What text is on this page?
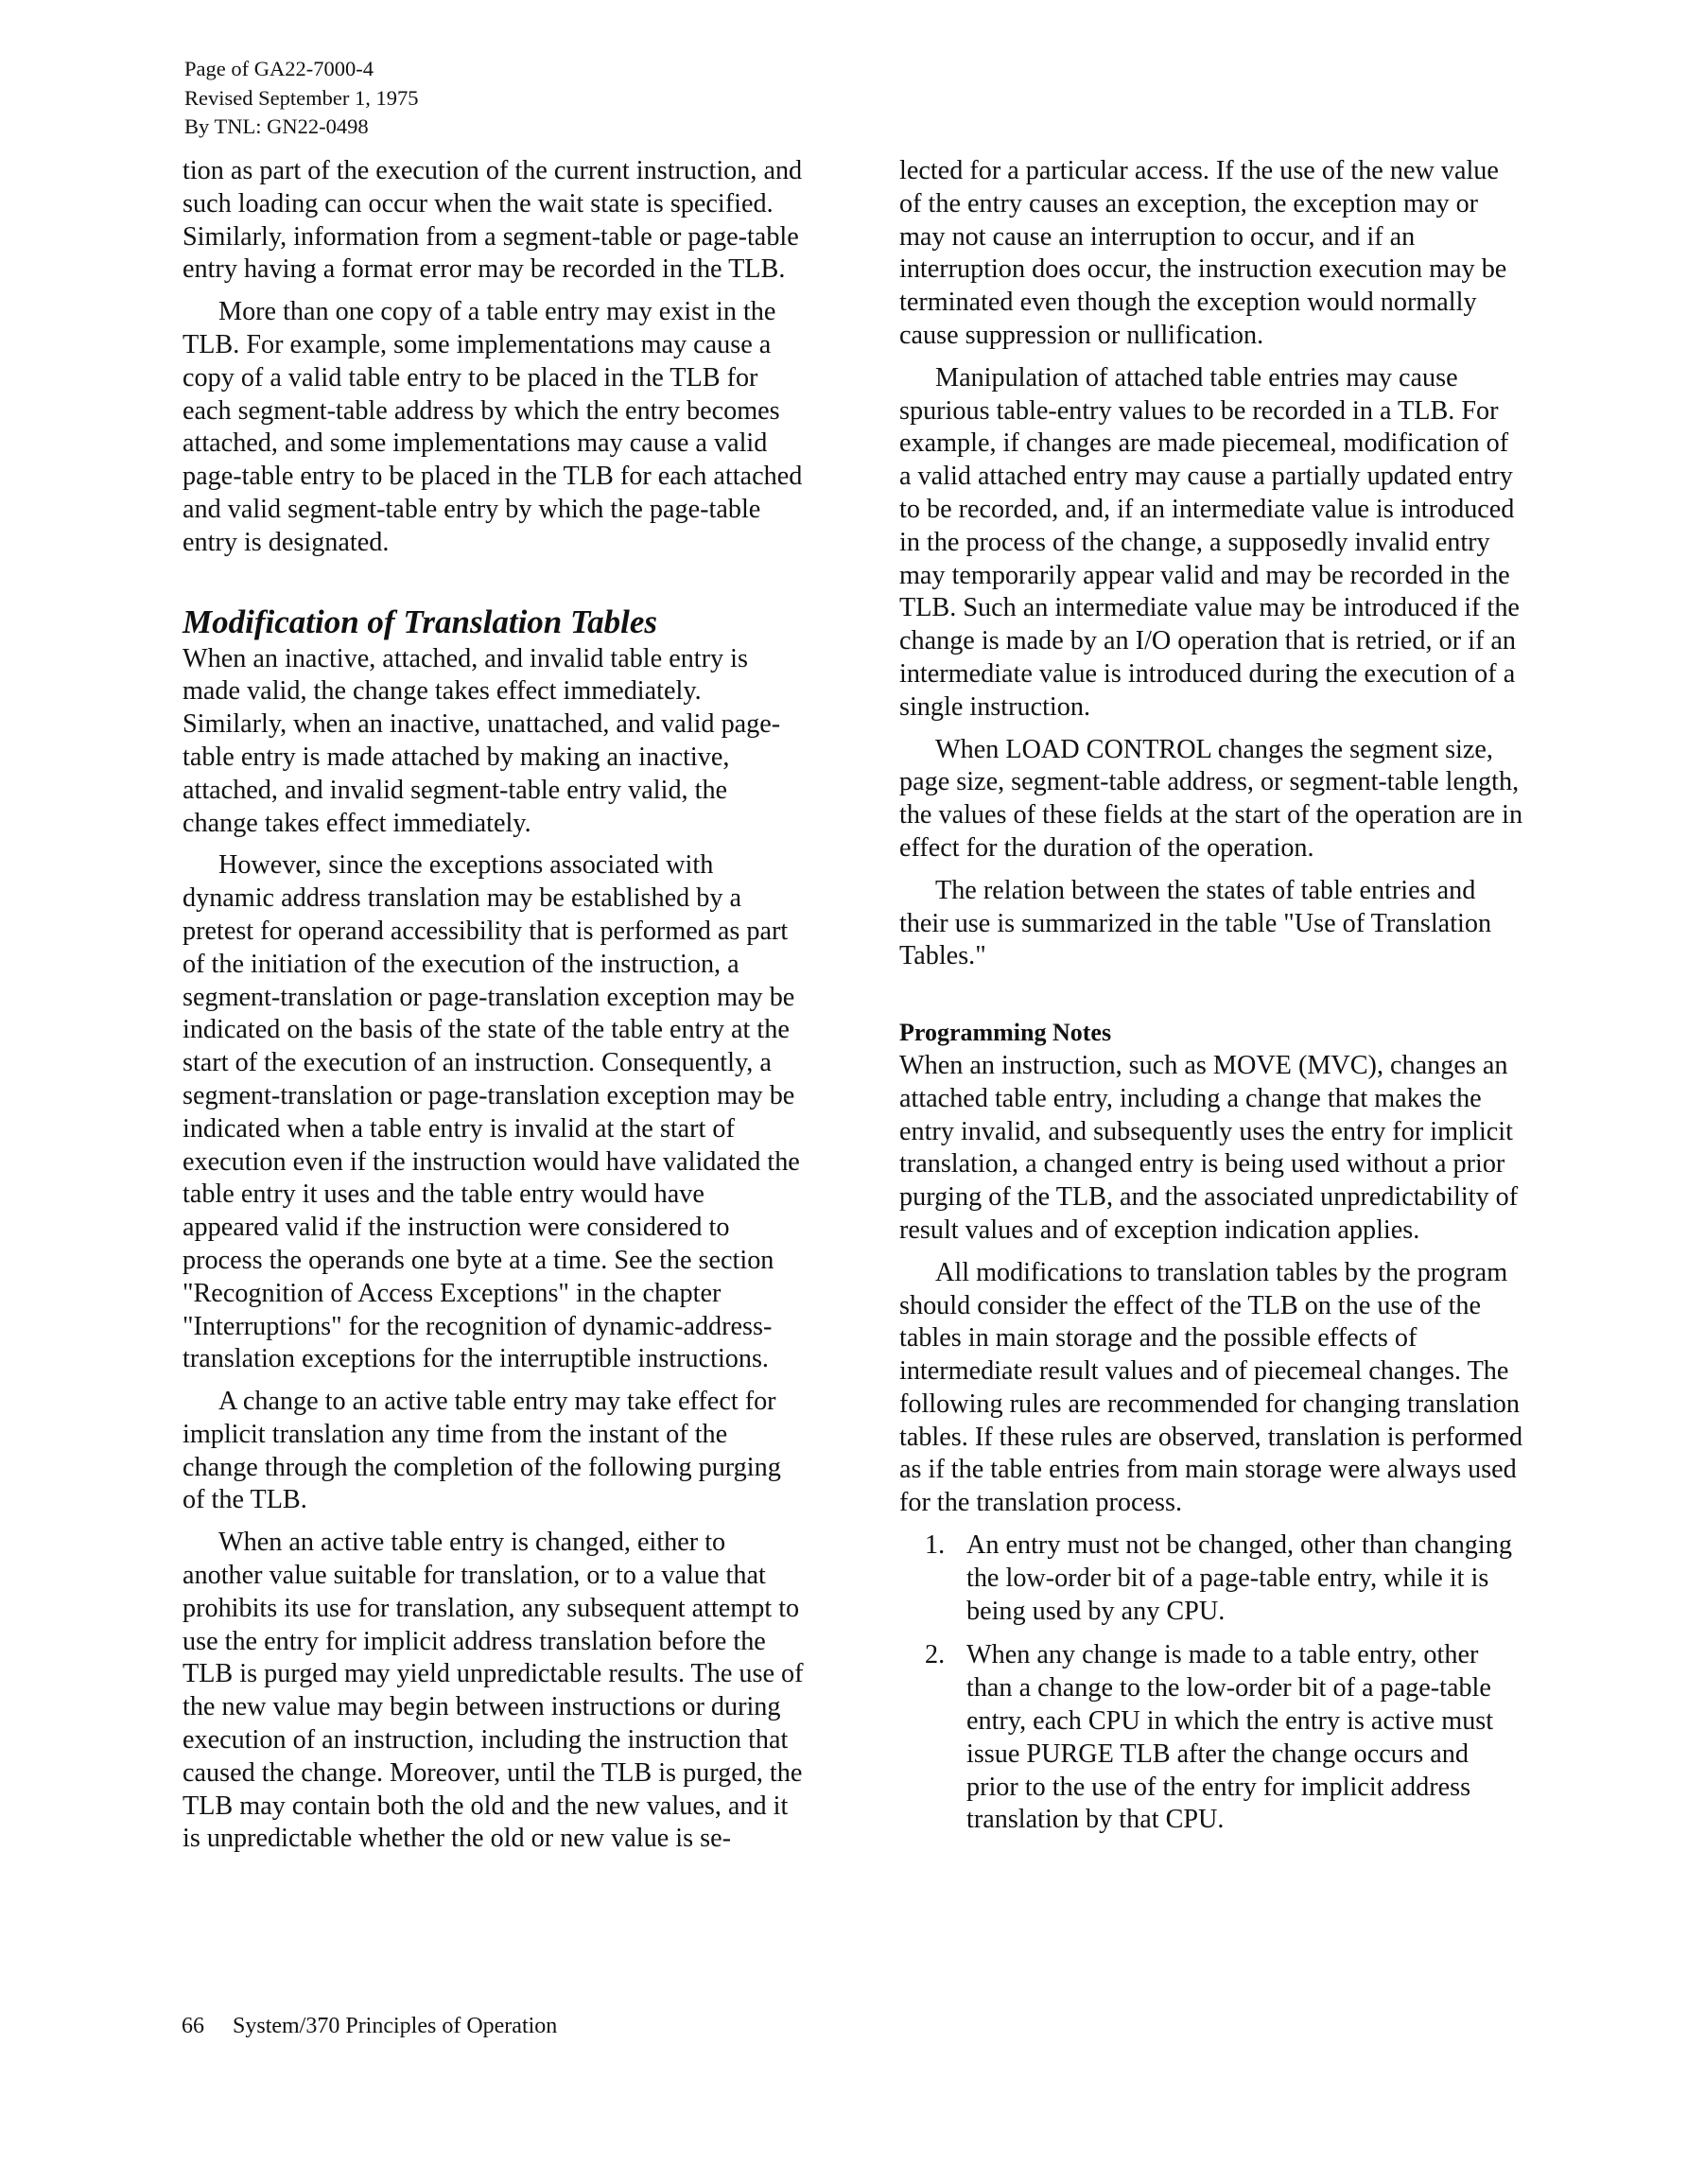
Page of GA22-7000-4
Revised September 1, 1975
By TNL: GN22-0498

tion as part of the execution of the current instruction, and such loading can occur when the wait state is specified. Similarly, information from a segment-table or page-table entry having a format error may be recorded in the TLB.

More than one copy of a table entry may exist in the TLB. For example, some implementations may cause a copy of a valid table entry to be placed in the TLB for each segment-table address by which the entry becomes attached, and some implementations may cause a valid page-table entry to be placed in the TLB for each attached and valid segment-table entry by which the page-table entry is designated.

Modification of Translation Tables

When an inactive, attached, and invalid table entry is made valid, the change takes effect immediately. Similarly, when an inactive, unattached, and valid page-table entry is made attached by making an inactive, attached, and invalid segment-table entry valid, the change takes effect immediately.

However, since the exceptions associated with dynamic address translation may be established by a pretest for operand accessibility that is performed as part of the initiation of the execution of the instruction, a segment-translation or page-translation exception may be indicated on the basis of the state of the table entry at the start of the execution of an instruction. Consequently, a segment-translation or page-translation exception may be indicated when a table entry is invalid at the start of execution even if the instruction would have validated the table entry it uses and the table entry would have appeared valid if the instruction were considered to process the operands one byte at a time. See the section "Recognition of Access Exceptions" in the chapter "Interruptions" for the recognition of dynamic-address-translation exceptions for the interruptible instructions.

A change to an active table entry may take effect for implicit translation any time from the instant of the change through the completion of the following purging of the TLB.

When an active table entry is changed, either to another value suitable for translation, or to a value that prohibits its use for translation, any subsequent attempt to use the entry for implicit address translation before the TLB is purged may yield unpredictable results. The use of the new value may begin between instructions or during execution of an instruction, including the instruction that caused the change. Moreover, until the TLB is purged, the TLB may contain both the old and the new values, and it is unpredictable whether the old or new value is se-

lected for a particular access. If the use of the new value of the entry causes an exception, the exception may or may not cause an interruption to occur, and if an interruption does occur, the instruction execution may be terminated even though the exception would normally cause suppression or nullification.

Manipulation of attached table entries may cause spurious table-entry values to be recorded in a TLB. For example, if changes are made piecemeal, modification of a valid attached entry may cause a partially updated entry to be recorded, and, if an intermediate value is introduced in the process of the change, a supposedly invalid entry may temporarily appear valid and may be recorded in the TLB. Such an intermediate value may be introduced if the change is made by an I/O operation that is retried, or if an intermediate value is introduced during the execution of a single instruction.

When LOAD CONTROL changes the segment size, page size, segment-table address, or segment-table length, the values of these fields at the start of the operation are in effect for the duration of the operation.

The relation between the states of table entries and their use is summarized in the table "Use of Translation Tables."

Programming Notes

When an instruction, such as MOVE (MVC), changes an attached table entry, including a change that makes the entry invalid, and subsequently uses the entry for implicit translation, a changed entry is being used without a prior purging of the TLB, and the associated unpredictability of result values and of exception indication applies.

All modifications to translation tables by the program should consider the effect of the TLB on the use of the tables in main storage and the possible effects of intermediate result values and of piecemeal changes. The following rules are recommended for changing translation tables. If these rules are observed, translation is performed as if the table entries from main storage were always used for the translation process.

1. An entry must not be changed, other than changing the low-order bit of a page-table entry, while it is being used by any CPU.
2. When any change is made to a table entry, other than a change to the low-order bit of a page-table entry, each CPU in which the entry is active must issue PURGE TLB after the change occurs and prior to the use of the entry for implicit address translation by that CPU.
66 System/370 Principles of Operation
